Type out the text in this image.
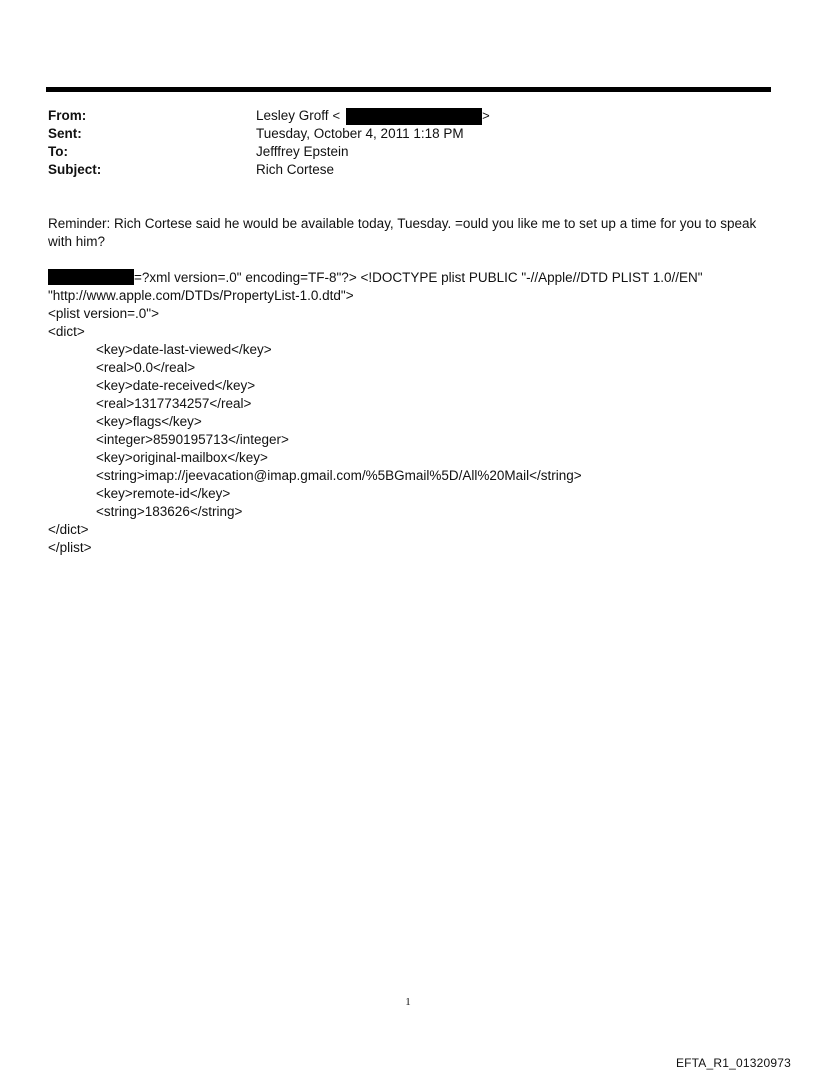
From:	Lesley Groff <	>
Sent:	Tuesday, October 4, 2011 1:18 PM
To:	Jefffrey Epstein
Subject:	Rich Cortese
Reminder: Rich Cortese said he would be available today, Tuesday. =ould you like me to set up a time for you to speak with him?
=?xml version=.0" encoding=TF-8"?> <!DOCTYPE plist PUBLIC "-//Apple//DTD PLIST 1.0//EN"
"http://www.apple.com/DTDs/PropertyList-1.0.dtd">
<plist version=.0">
<dict>
<key>date-last-viewed</key>
<real>0.0</real>
<key>date-received</key>
<real>1317734257</real>
<key>flags</key>
<integer>8590195713</integer>
<key>original-mailbox</key>
<string>imap://jeevacation@imap.gmail.com/%5BGmail%5D/All%20Mail</string>
<key>remote-id</key>
<string>183626</string>
</dict>
</plist>
1
EFTA_R1_01320973
